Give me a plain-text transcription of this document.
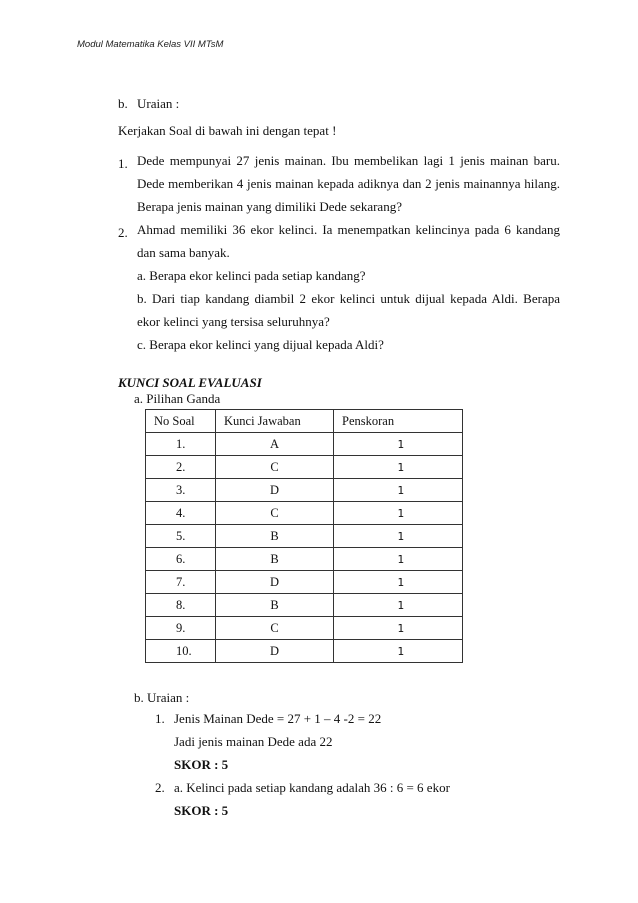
Modul Matematika Kelas VII MTsM
b. Uraian :
Kerjakan Soal di bawah ini dengan tepat !
1. Dede mempunyai 27 jenis mainan. Ibu membelikan lagi 1 jenis mainan baru. Dede memberikan 4 jenis mainan kepada adiknya dan 2 jenis mainannya hilang. Berapa jenis mainan yang dimiliki Dede sekarang?
2. Ahmad memiliki 36 ekor kelinci. Ia menempatkan kelincinya pada 6 kandang dan sama banyak.
a. Berapa ekor kelinci pada setiap kandang?
b. Dari tiap kandang diambil 2 ekor kelinci untuk dijual kepada Aldi. Berapa ekor kelinci yang tersisa seluruhnya?
c. Berapa ekor kelinci yang dijual kepada Aldi?
KUNCI SOAL EVALUASI
a. Pilihan Ganda
No Soal	Kunci Jawaban	Penskoran
1.	A	1
2.	C	1
3.	D	1
4.	C	1
5.	B	1
6.	B	1
7.	D	1
8.	B	1
9.	C	1
10.	D	1
b. Uraian :
1. Jenis Mainan Dede = 27 + 1 – 4 -2 = 22
Jadi jenis mainan Dede ada 22
SKOR : 5
2. a. Kelinci pada setiap kandang adalah 36 : 6 = 6 ekor
SKOR : 5
